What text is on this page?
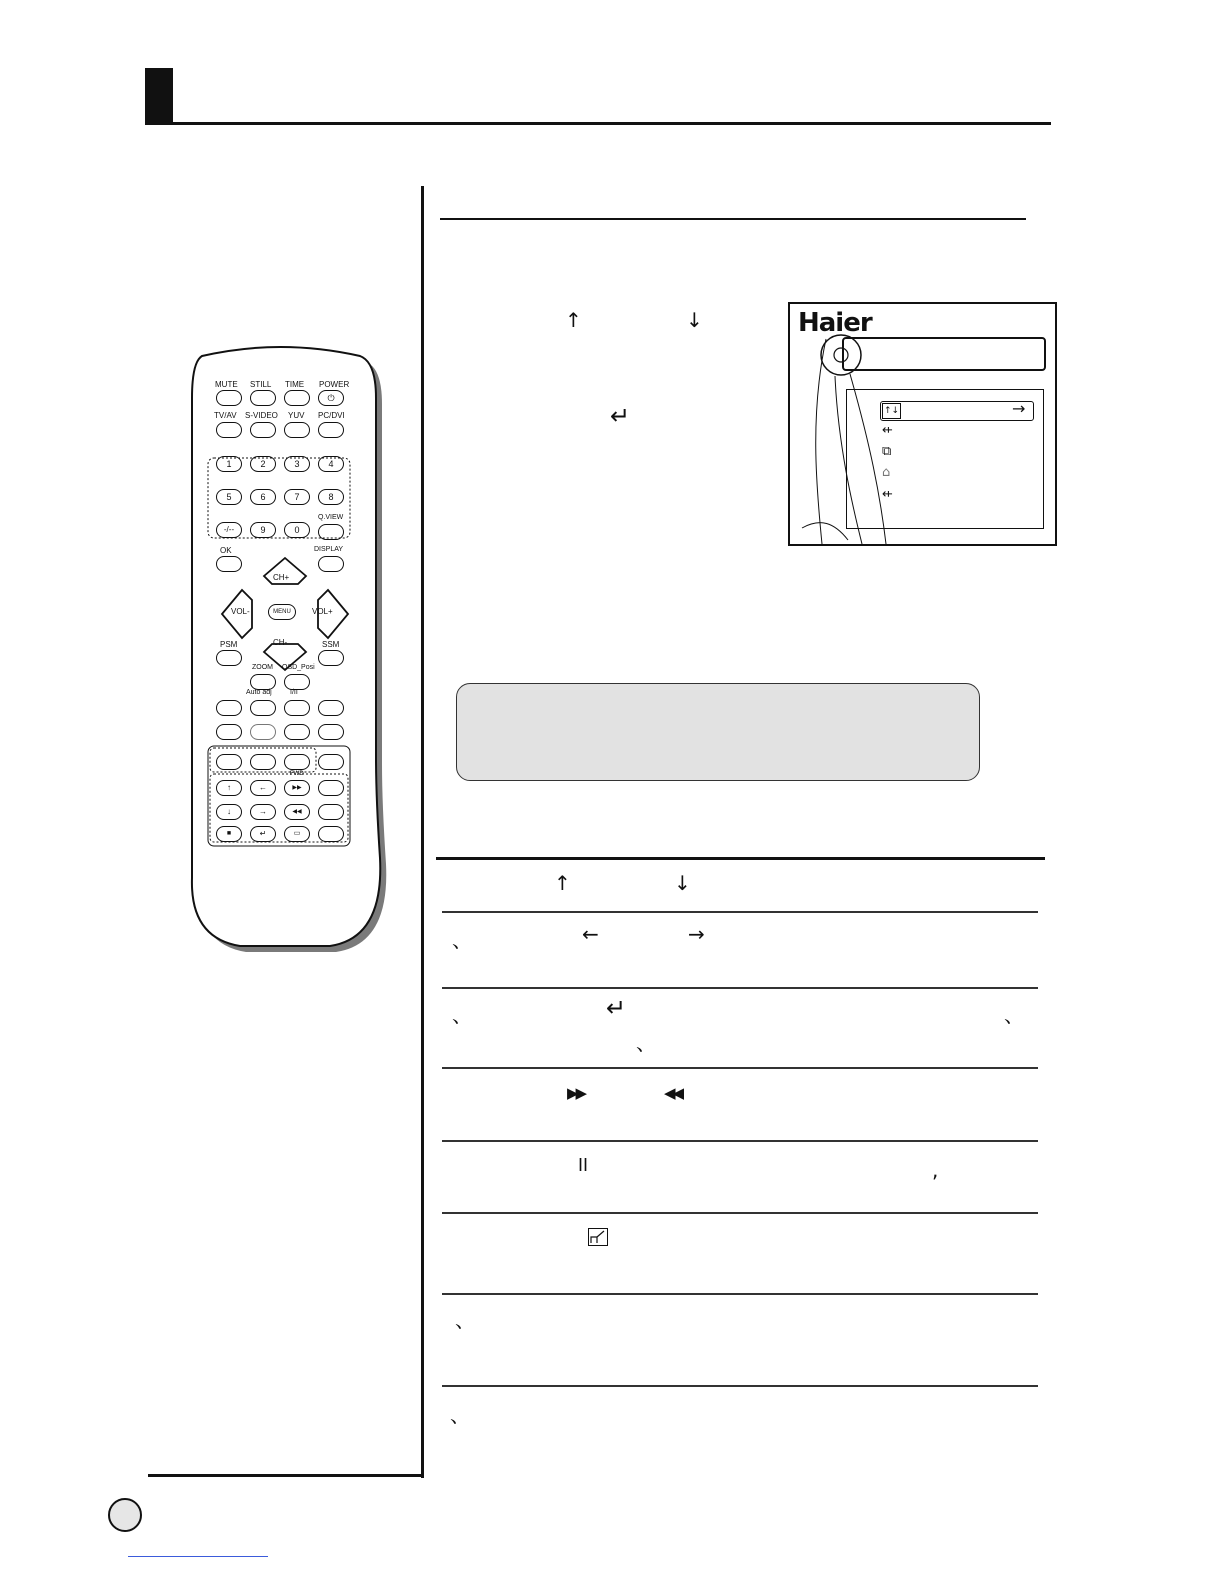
↑	↓
↵
Haier
↑↓	→
⇷
⧉
⌂
⇷
↑	↓
、	←	→
、	↵	、
、
▶▶	◀◀
II	,
、
、
MUTE STILL TIME POWER
⏻
TV/AV S-VIDEO YUV PC/DVI
1	2	3	4
5	6	7	8
-/--	9	0
Q.VIEW
OK	DISPLAY
CH+
CH-
VOL-	VOL+
MENU
PSM	SSM
ZOOM OSD_Posi
Auto adj	I/II
FWD
↑	←	▶▶
↓	→	◀◀
■	↵	▭
